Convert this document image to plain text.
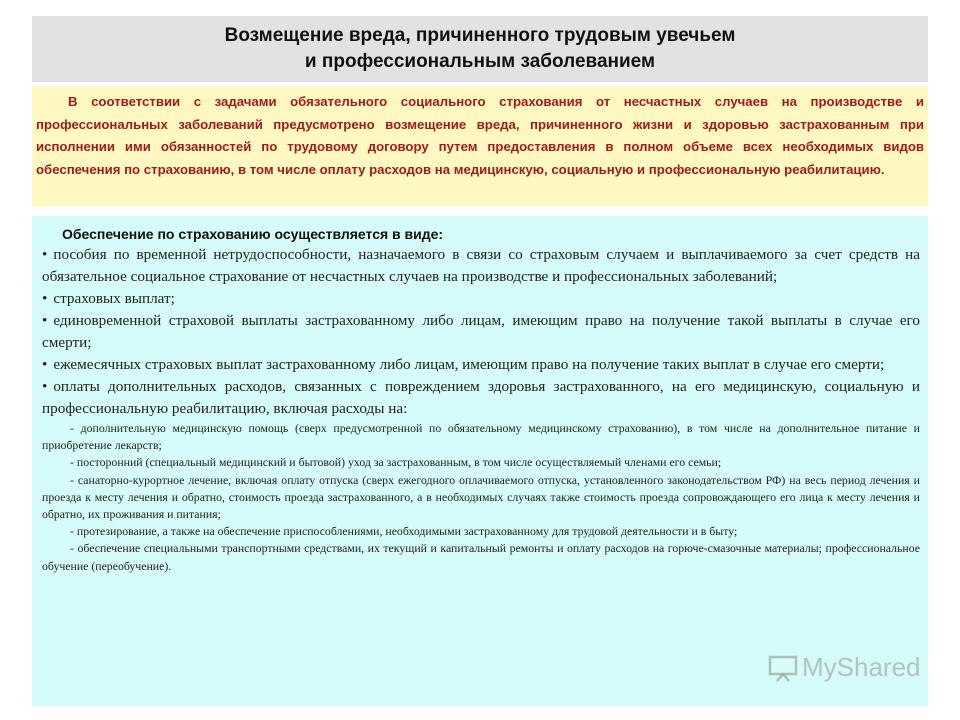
Возмещение вреда, причиненного трудовым увечьем
и профессиональным заболеванием
В соответствии с задачами обязательного социального страхования от несчастных случаев на производстве и профессиональных заболеваний предусмотрено возмещение вреда, причиненного жизни и здоровью застрахованным при исполнении ими обязанностей по трудовому договору путем предоставления в полном объеме всех необходимых видов обеспечения по страхованию, в том числе оплату расходов на медицинскую, социальную и профессиональную реабилитацию.
Обеспечение по страхованию осуществляется в виде:

• пособия по временной нетрудоспособности, назначаемого в связи со страховым случаем и выплачиваемого за счет средств на обязательное социальное страхование от несчастных случаев на производстве и профессиональных заболеваний;

• страховых выплат;

• единовременной страховой выплаты застрахованному либо лицам, имеющим право на получение такой выплаты в случае его смерти;

• ежемесячных страховых выплат застрахованному либо лицам, имеющим право на получение таких выплат в случае его смерти;

• оплаты дополнительных расходов, связанных с повреждением здоровья застрахованного, на его медицинскую, социальную и профессиональную реабилитацию, включая расходы на:

- дополнительную медицинскую помощь (сверх предусмотренной по обязательному медицинскому страхованию), в том числе на дополнительное питание и приобретение лекарств;

- посторонний (специальный медицинский и бытовой) уход за застрахованным, в том числе осуществляемый членами его семьи;

- санаторно-курортное лечение, включая оплату отпуска (сверх ежегодного оплачиваемого отпуска, установленного законодательством РФ) на весь период лечения и проезда к месту лечения и обратно, стоимость проезда застрахованного, а в необходимых случаях также стоимость проезда сопровождающего его лица к месту лечения и обратно, их проживания и питания;

- протезирование, а также на обеспечение приспособлениями, необходимыми застрахованному для трудовой деятельности и в быту;

- обеспечение специальными транспортными средствами, их текущий и капитальный ремонты и оплату расходов на горюче-смазочные материалы; профессиональное обучение (переобучение).

MyShared
